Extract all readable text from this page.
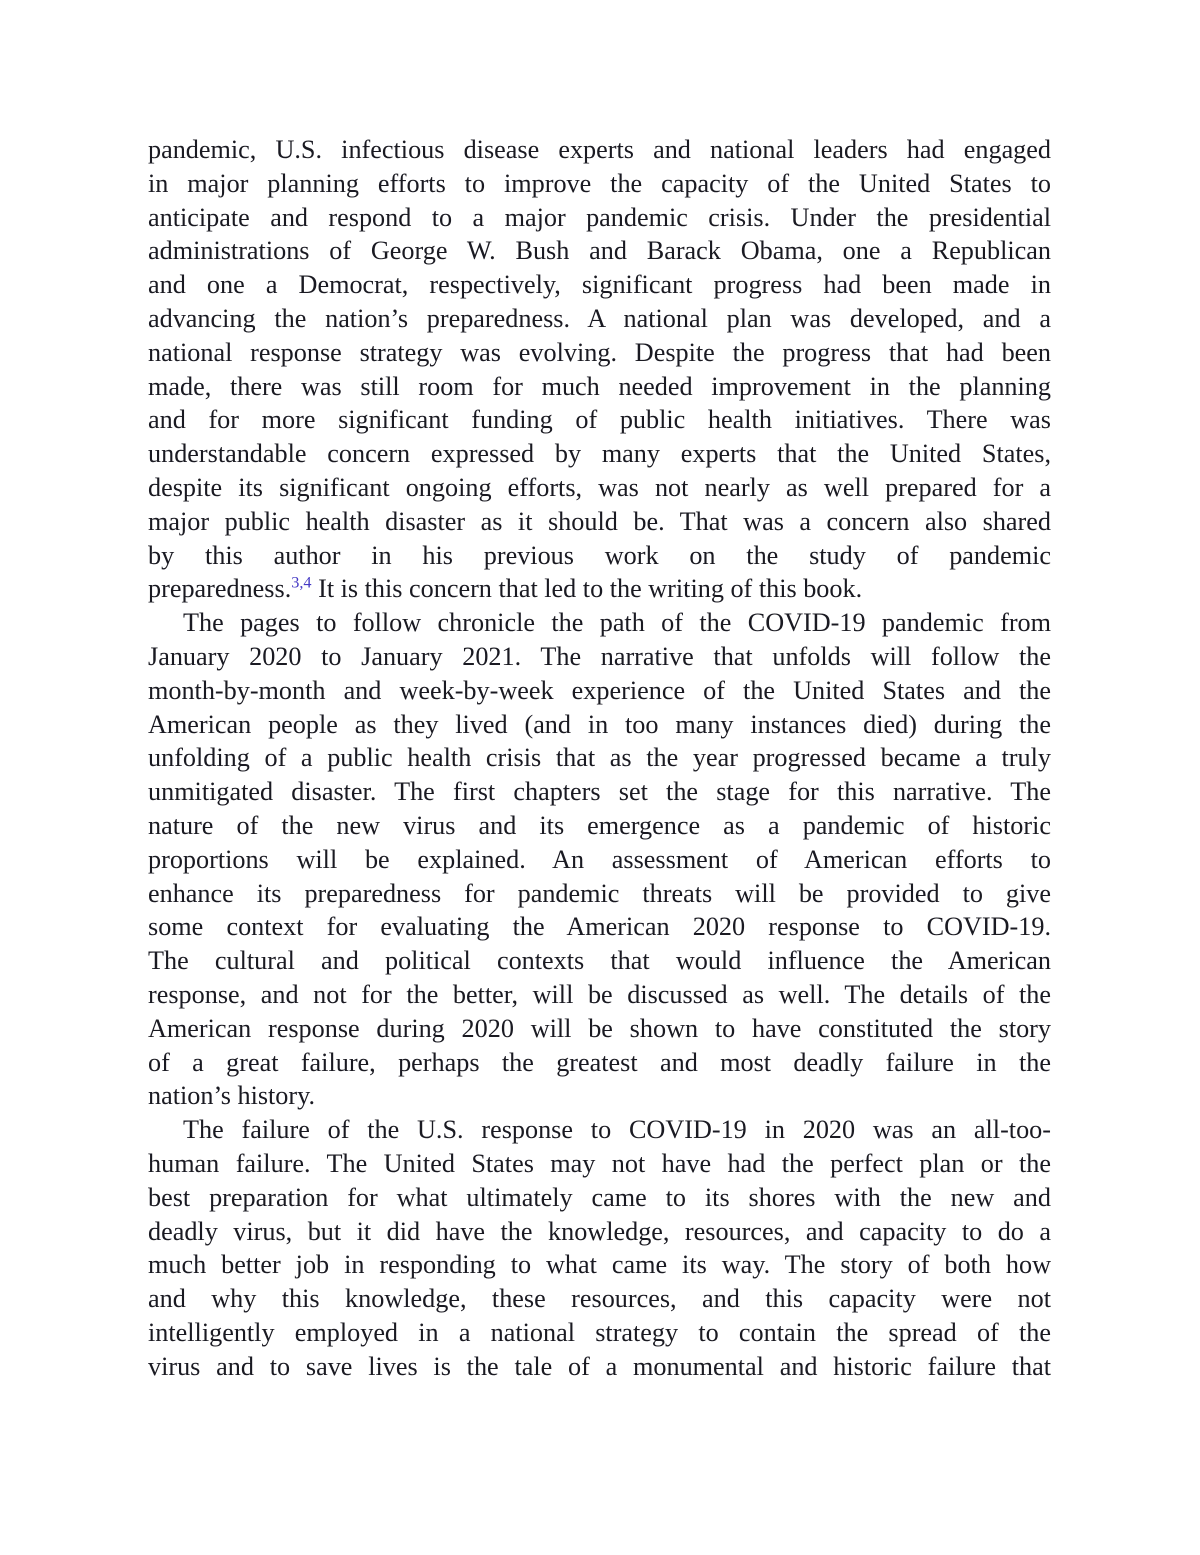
pandemic, U.S. infectious disease experts and national leaders had engaged
in major planning efforts to improve the capacity of the United States to
anticipate and respond to a major pandemic crisis. Under the presidential
administrations of George W. Bush and Barack Obama, one a Republican
and one a Democrat, respectively, significant progress had been made in
advancing the nation’s preparedness. A national plan was developed, and a
national response strategy was evolving. Despite the progress that had been
made, there was still room for much needed improvement in the planning
and for more significant funding of public health initiatives. There was
understandable concern expressed by many experts that the United States,
despite its significant ongoing efforts, was not nearly as well prepared for a
major public health disaster as it should be. That was a concern also shared
by this author in his previous work on the study of pandemic
preparedness.$^{3,4}$ It is this concern that led to the writing of this book.
The pages to follow chronicle the path of the COVID-19 pandemic from
January 2020 to January 2021. The narrative that unfolds will follow the
month-by-month and week-by-week experience of the United States and the
American people as they lived (and in too many instances died) during the
unfolding of a public health crisis that as the year progressed became a truly
unmitigated disaster. The first chapters set the stage for this narrative. The
nature of the new virus and its emergence as a pandemic of historic
proportions will be explained. An assessment of American efforts to
enhance its preparedness for pandemic threats will be provided to give
some context for evaluating the American 2020 response to COVID-19.
The cultural and political contexts that would influence the American
response, and not for the better, will be discussed as well. The details of the
American response during 2020 will be shown to have constituted the story
of a great failure, perhaps the greatest and most deadly failure in the
nation’s history.
The failure of the U.S. response to COVID-19 in 2020 was an all-too-
human failure. The United States may not have had the perfect plan or the
best preparation for what ultimately came to its shores with the new and
deadly virus, but it did have the knowledge, resources, and capacity to do a
much better job in responding to what came its way. The story of both how
and why this knowledge, these resources, and this capacity were not
intelligently employed in a national strategy to contain the spread of the
virus and to save lives is the tale of a monumental and historic failure that
